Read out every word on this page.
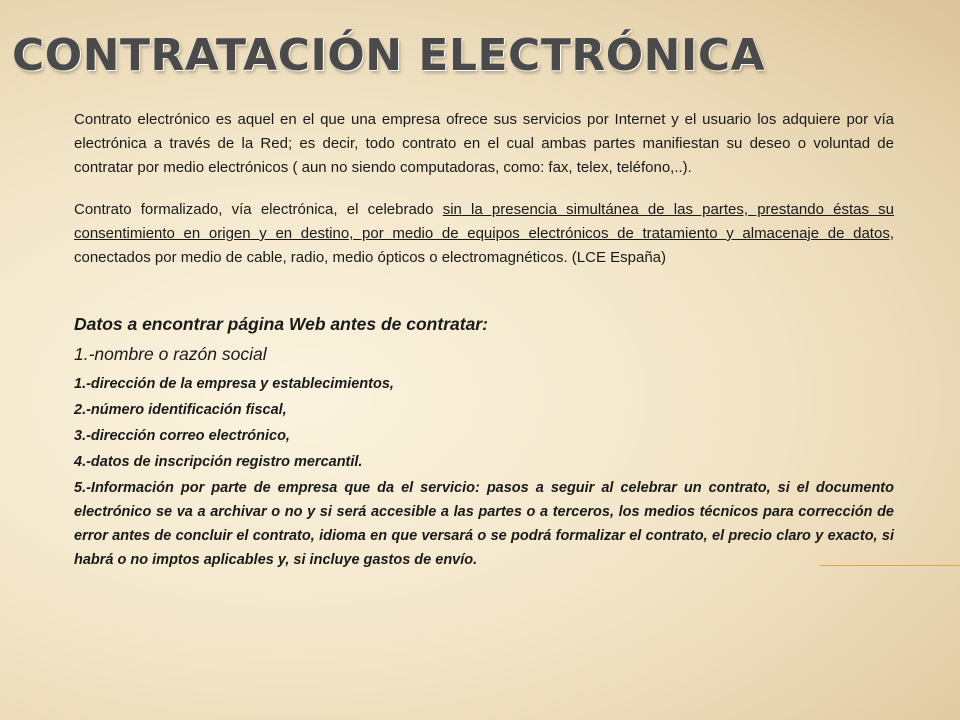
CONTRATACIÓN ELECTRÓNICA

Contrato electrónico es aquel en el que una empresa ofrece sus servicios por Internet y el usuario los adquiere por vía electrónica a través de la Red; es decir, todo contrato en el cual ambas partes manifiestan su deseo o voluntad de contratar por medio electrónicos ( aun no siendo computadoras, como: fax, telex, teléfono,..).

Contrato formalizado, vía electrónica, el celebrado sin la presencia simultánea de las partes, prestando éstas su consentimiento en origen y en destino, por medio de equipos electrónicos de tratamiento y almacenaje de datos, conectados por medio de cable, radio, medio ópticos o electromagnéticos. (LCE España)

Datos a encontrar página Web antes de contratar:

1.-nombre o razón social

1.-dirección de la empresa y establecimientos,
2.-número identificación fiscal,
3.-dirección correo electrónico,
4.-datos de inscripción registro mercantil.
5.-Información por parte de empresa que da el servicio: pasos a seguir al celebrar un contrato, si el documento electrónico se va a archivar o no y si será accesible a las partes o a terceros, los medios técnicos para corrección de error antes de concluir el contrato, idioma en que versará o se podrá formalizar el contrato, el precio claro y exacto, si habrá o no imptos aplicables y, si incluye gastos de envío.
